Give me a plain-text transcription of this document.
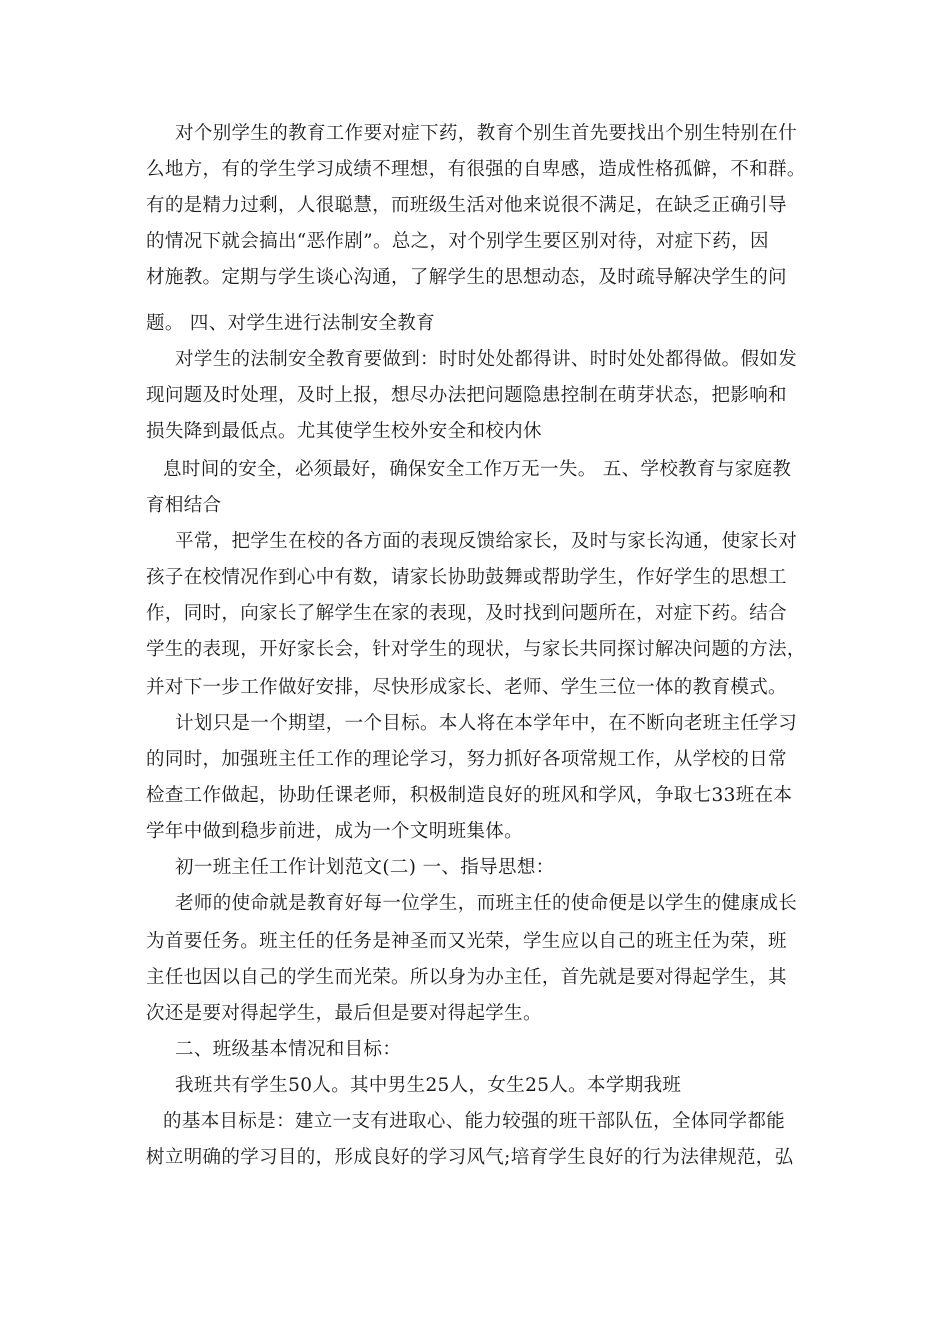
对个别学生的教育工作要对症下药，教育个别生首先要找出个别生特别在什
么地方，有的学生学习成绩不理想，有很强的自卑感，造成性格孤僻，不和群。
有的是精力过剩，人很聪慧，而班级生活对他来说很不满足，在缺乏正确引导
的情况下就会搞出“恶作剧”。总之，对个别学生要区别对待，对症下药，因
材施教。定期与学生谈心沟通，了解学生的思想动态，及时疏导解决学生的问
题。 四、对学生进行法制安全教育
对学生的法制安全教育要做到：时时处处都得讲、时时处处都得做。假如发
现问题及时处理，及时上报，想尽办法把问题隐患控制在萌芽状态，把影响和
损失降到最低点。尤其使学生校外安全和校内休
息时间的安全，必须最好，确保安全工作万无一失。 五、学校教育与家庭教
育相结合
平常，把学生在校的各方面的表现反馈给家长，及时与家长沟通，使家长对
孩子在校情况作到心中有数，请家长协助鼓舞或帮助学生，作好学生的思想工
作，同时，向家长了解学生在家的表现，及时找到问题所在，对症下药。结合
学生的表现，开好家长会，针对学生的现状，与家长共同探讨解决问题的方法，
并对下一步工作做好安排，尽快形成家长、老师、学生三位一体的教育模式。
计划只是一个期望，一个目标。本人将在本学年中，在不断向老班主任学习
的同时，加强班主任工作的理论学习，努力抓好各项常规工作，从学校的日常
检查工作做起，协助任课老师，积极制造良好的班风和学风，争取七33班在本
学年中做到稳步前进，成为一个文明班集体。
初一班主任工作计划范文(二) 一、指导思想：
老师的使命就是教育好每一位学生，而班主任的使命便是以学生的健康成长
为首要任务。班主任的任务是神圣而又光荣，学生应以自己的班主任为荣，班
主任也因以自己的学生而光荣。所以身为办主任，首先就是要对得起学生，其
次还是要对得起学生，最后但是要对得起学生。
二、班级基本情况和目标：
我班共有学生50人。其中男生25人，女生25人。本学期我班
的基本目标是：建立一支有进取心、能力较强的班干部队伍，全体同学都能
树立明确的学习目的，形成良好的学习风气;培育学生良好的行为法律规范，弘
